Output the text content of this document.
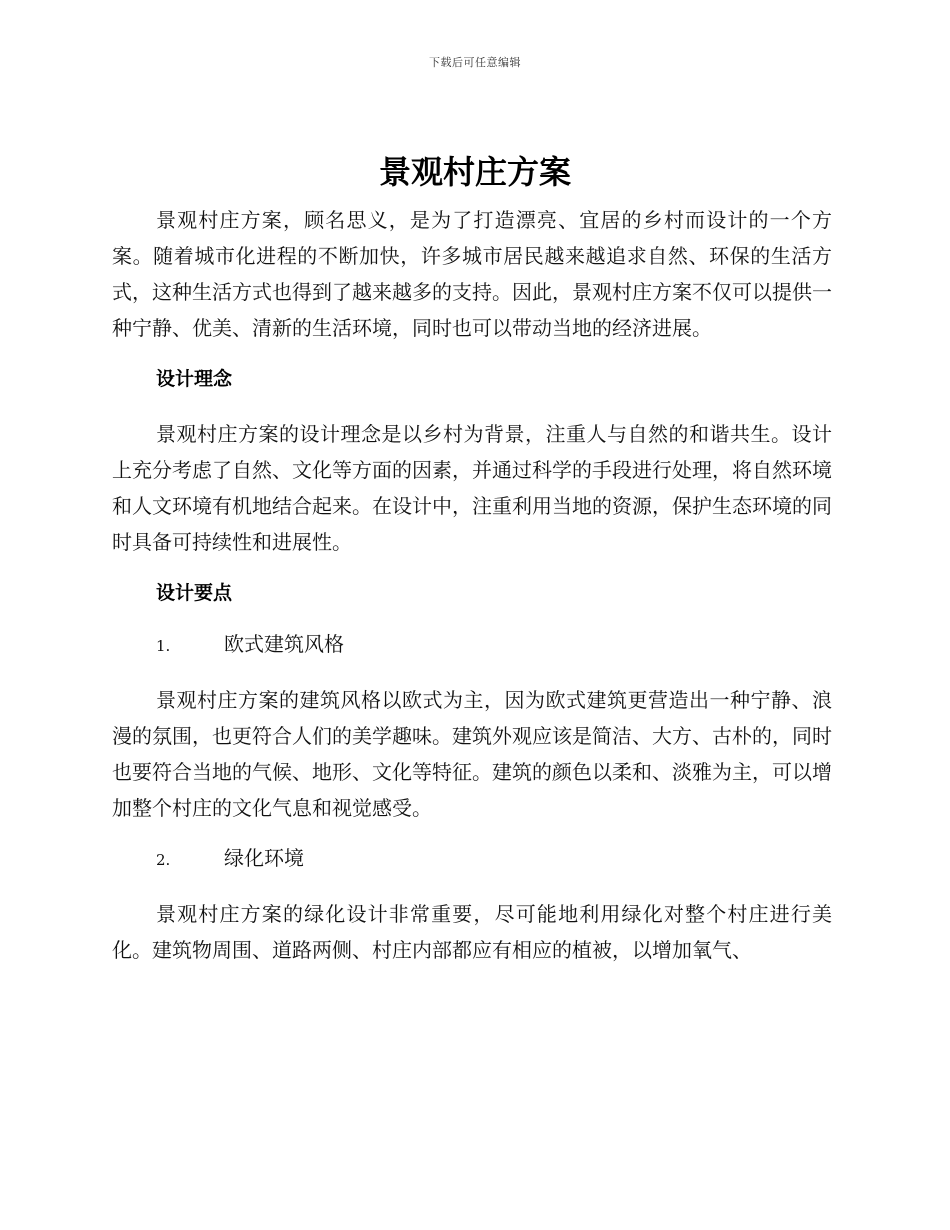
下载后可任意编辑
景观村庄方案

景观村庄方案，顾名思义，是为了打造漂亮、宜居的乡村而设计的一个方案。随着城市化进程的不断加快，许多城市居民越来越追求自然、环保的生活方式，这种生活方式也得到了越来越多的支持。因此，景观村庄方案不仅可以提供一种宁静、优美、清新的生活环境，同时也可以带动当地的经济进展。

设计理念

景观村庄方案的设计理念是以乡村为背景，注重人与自然的和谐共生。设计上充分考虑了自然、文化等方面的因素，并通过科学的手段进行处理，将自然环境和人文环境有机地结合起来。在设计中，注重利用当地的资源，保护生态环境的同时具备可持续性和进展性。

设计要点
1.	欧式建筑风格

景观村庄方案的建筑风格以欧式为主，因为欧式建筑更营造出一种宁静、浪漫的氛围，也更符合人们的美学趣味。建筑外观应该是简洁、大方、古朴的，同时也要符合当地的气候、地形、文化等特征。建筑的颜色以柔和、淡雅为主，可以增加整个村庄的文化气息和视觉感受。

2.	绿化环境

景观村庄方案的绿化设计非常重要，尽可能地利用绿化对整个村庄进行美化。建筑物周围、道路两侧、村庄内部都应有相应的植被，以增加氧气、
